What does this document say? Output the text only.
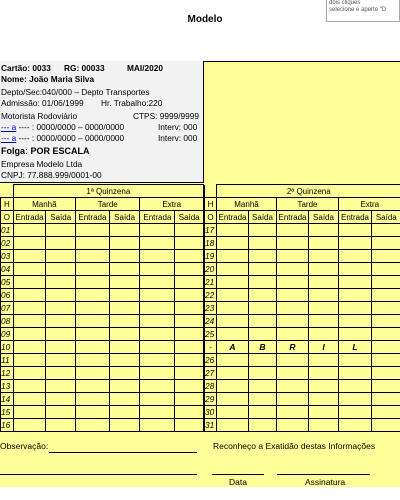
Modelo
dois cliques
selecione e aperte "D
Cartão: 0033 RG: 00033	MAI/2020
Nome: João Maria Silva
Depto/Sec:040/000 – Depto Transportes
Admissão: 01/06/1999 Hr. Trabalho:220
Motorista Rodoviário	CTPS: 9999/9999
--- a ---- : 0000/0000 – 0000/0000	Interv: 000
--- a ---- : 0000/0000 – 0000/0000	Interv: 000
Folga: POR ESCALA
Empresa Modelo Ltda
CNPJ: 77.888.999/0001-00
	1ª Quinzena					
H	Manhã		Tarde		Extra	
O	Entrada	Saída	Entrada	Saída	Entrada	Saída
01						
02						
03						
04						
05						
06						
07						
08						
09						
10						
11						
12						
13						
14						
15						
16						
	2ª Quinzena					
H	Manhã		Tarde		Extra	
O	Entrada	Saída	Entrada	Saída	Entrada	Saída
17						
18						
19						
20						
21						
22						
23						
24						
25						
-	A	B	R	I	L	
26						
27						
28						
29						
30						
31						
Observação:	Reconheço a Exatidão destas Informações
Data	Assinatura
